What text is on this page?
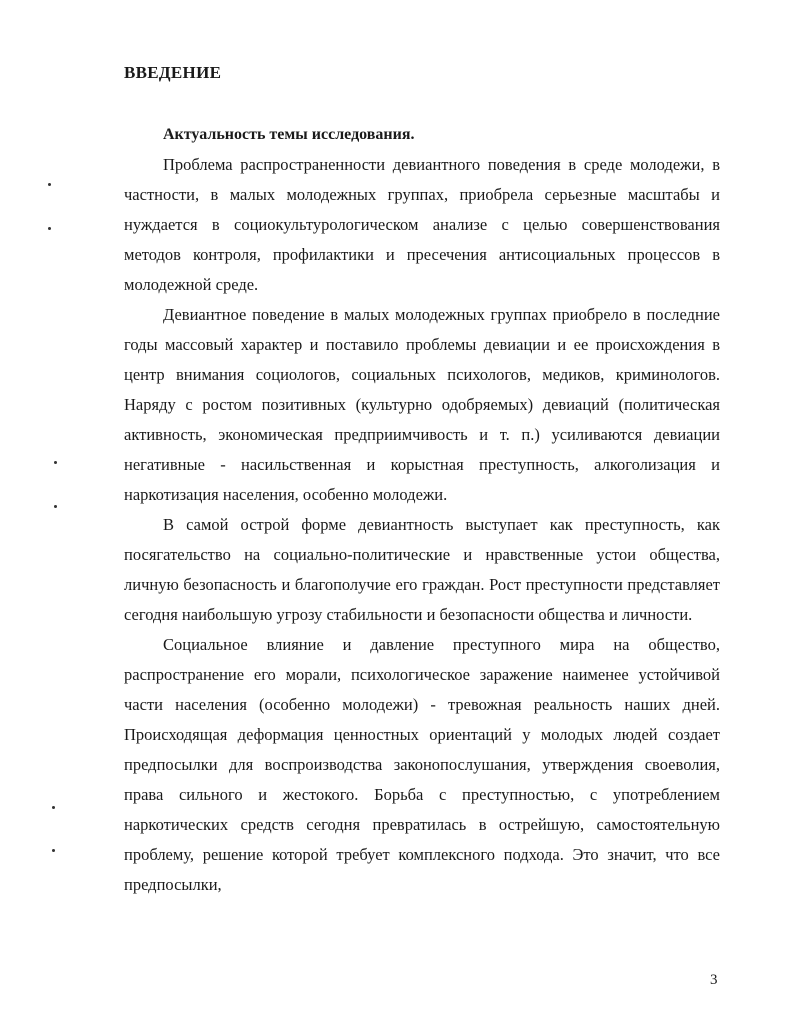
ВВЕДЕНИЕ
Актуальность темы исследования.

Проблема распространенности девиантного поведения в среде молодежи, в частности, в малых молодежных группах, приобрела серьезные масштабы и нуждается в социокультурологическом анализе с целью совершенствования методов контроля, профилактики и пресечения антисоциальных процессов в молодежной среде.

Девиантное поведение в малых молодежных группах приобрело в последние годы массовый характер и поставило проблемы девиации и ее происхождения в центр внимания социологов, социальных психологов, медиков, криминологов. Наряду с ростом позитивных (культурно одобряемых) девиаций (политическая активность, экономическая предприимчивость и т. п.) усиливаются девиации негативные - насильственная и корыстная преступность, алкоголизация и наркотизация населения, особенно молодежи.

В самой острой форме девиантность выступает как преступность, как посягательство на социально-политические и нравственные устои общества, личную безопасность и благополучие его граждан. Рост преступности представляет сегодня наибольшую угрозу стабильности и безопасности общества и личности.

Социальное влияние и давление преступного мира на общество, распространение его морали, психологическое заражение наименее устойчивой части населения (особенно молодежи) - тревожная реальность наших дней. Происходящая деформация ценностных ориентаций у молодых людей создает предпосылки для воспроизводства законопослушания, утверждения своеволия, права сильного и жестокого. Борьба с преступностью, с употреблением наркотических средств сегодня превратилась в острейшую, самостоятельную проблему, решение которой требует комплексного подхода. Это значит, что все предпосылки,

3
